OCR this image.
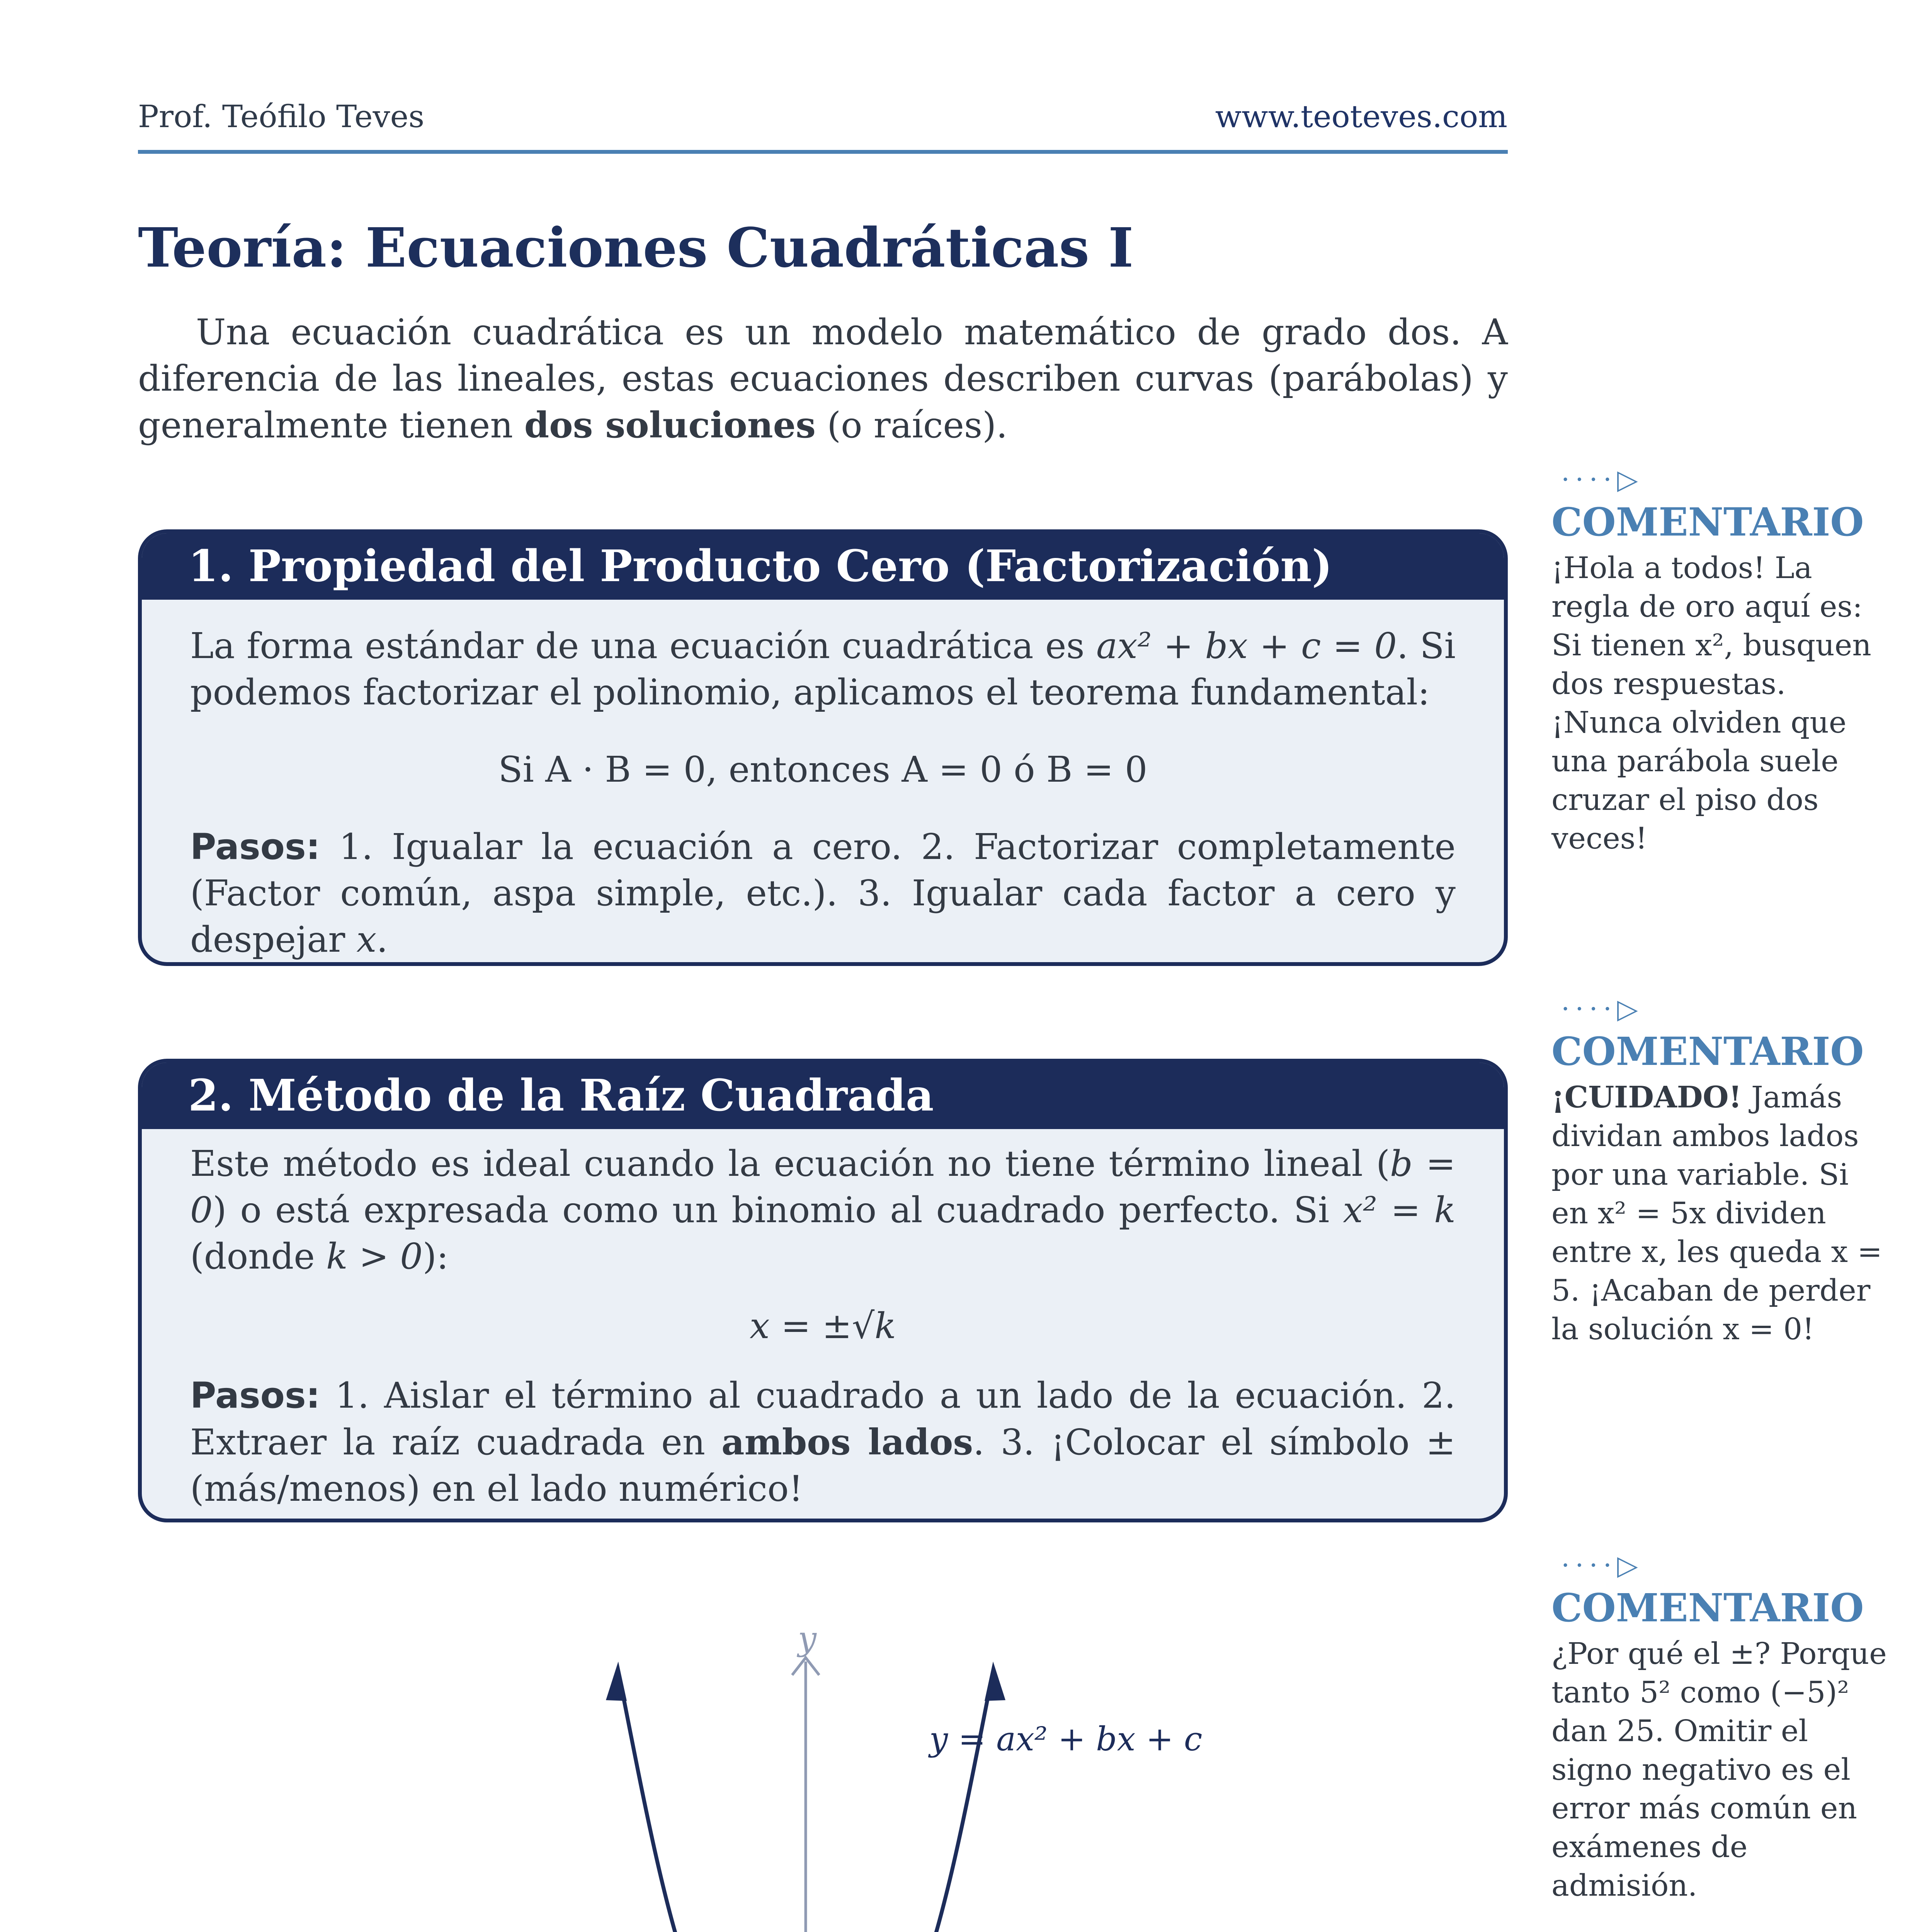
Prof. Teófilo Teves	www.teoteves.com
Teoría: Ecuaciones Cuadráticas I
Una ecuación cuadrática es un modelo matemático de grado dos. A diferencia de las lineales, estas ecuaciones describen curvas (parábolas) y generalmente tienen dos soluciones (o raíces).
1. Propiedad del Producto Cero (Factorización)
La forma estándar de una ecuación cuadrática es ax² + bx + c = 0. Si podemos factorizar el polinomio, aplicamos el teorema fundamental:
Si A · B = 0, entonces A = 0 ó B = 0
Pasos: 1. Igualar la ecuación a cero. 2. Factorizar completamente (Factor común, aspa simple, etc.). 3. Igualar cada factor a cero y despejar x.
2. Método de la Raíz Cuadrada
Este método es ideal cuando la ecuación no tiene término lineal (b = 0) o está expresada como un binomio al cuadrado perfecto. Si x² = k (donde k > 0):
x = ±√k
Pasos: 1. Aislar el término al cuadrado a un lado de la ecuación. 2. Extraer la raíz cuadrada en ambos lados. 3. ¡Colocar el símbolo ± (más/menos) en el lado numérico!
····▷
COMENTARIO
¡Hola a todos! La regla de oro aquí es: Si tienen x², busquen dos respuestas. ¡Nunca olviden que una parábola suele cruzar el piso dos veces!
····▷
COMENTARIO
¡CUIDADO! Jamás dividan ambos lados por una variable. Si en x² = 5x dividen entre x, les queda x = 5. ¡Acaban de perder la solución x = 0!
····▷
COMENTARIO
¿Por qué el ±? Porque tanto 5² como (−5)² dan 25. Omitir el signo negativo es el error más común en exámenes de admisión.
y
y = ax² + bx + c
